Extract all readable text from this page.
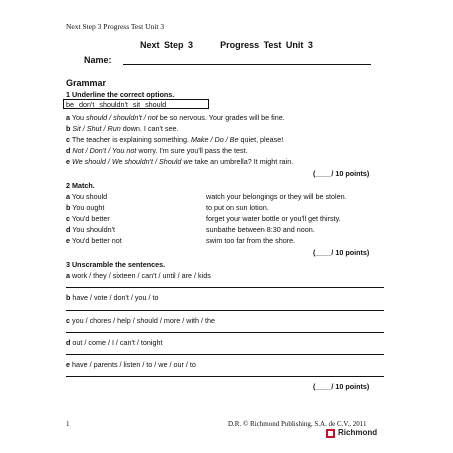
Next Step 3 Progress Test Unit 3
Next Step 3      Progress Test Unit 3
Name:
Grammar
1 Underline the correct options.
be don't shouldn't sit should
a You should / shouldn't / not be so nervous. Your grades will be fine.
b Sit / Shut / Run down. I can't see.
c The teacher is explaining something. Make / Do / Be quiet, please!
d Not / Don't / You not worry. I'm sure you'll pass the test.
e We should / We shouldn't / Should we take an umbrella? It might rain.
(____/ 10 points)
2 Match.
a You should	watch your belongings or they will be stolen.
b You ought	to put on sun lotion.
c You'd better	forget your water bottle or you'll get thirsty.
d You shouldn't	sunbathe between 8:30 and noon.
e You'd better not	swim too far from the shore.
(____/ 10 points)
3 Unscramble the sentences.
a work / they / sixteen / can't / until / are / kids
b have / vote / don't / you / to
c you / chores / help / should / more / with / the
d out / come / I / can't / tonight
e have / parents / listen / to / we / our / to
(____/ 10 points)
1	D.R. © Richmond Publishing, S.A. de C.V., 2011
Richmond
